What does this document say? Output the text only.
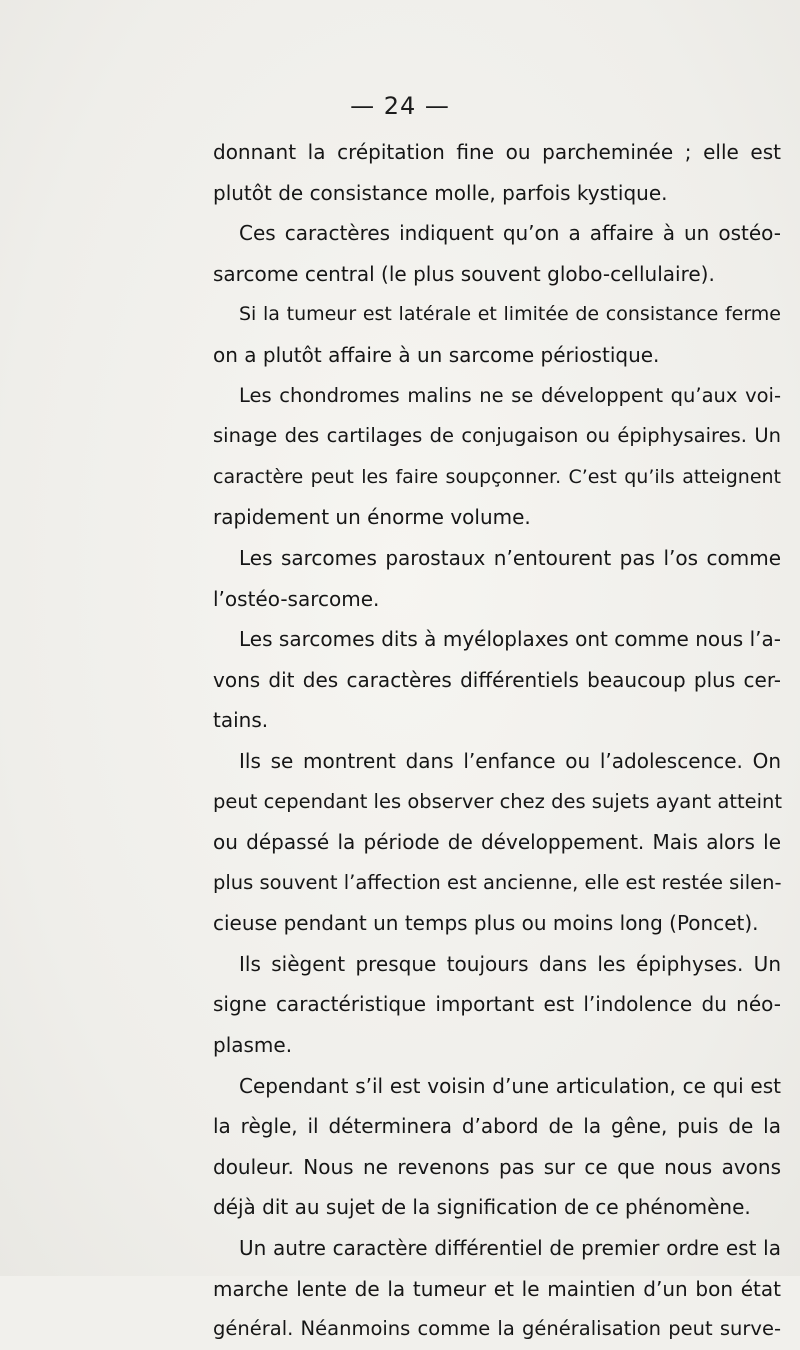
— 24 —
donnant la crépitation fine ou parcheminée ; elle est
plutôt de consistance molle, parfois kystique.
Ces caractères indiquent qu’on a affaire à un ostéo-
sarcome central (le plus souvent globo-cellulaire).
Si la tumeur est latérale et limitée de consistance ferme
on a plutôt affaire à un sarcome périostique.
Les chondromes malins ne se développent qu’aux voi-
sinage des cartilages de conjugaison ou épiphysaires. Un
caractère peut les faire soupçonner. C’est qu’ils atteignent
rapidement un énorme volume.
Les sarcomes parostaux n’entourent pas l’os comme
l’ostéo-sarcome.
Les sarcomes dits à myéloplaxes ont comme nous l’a-
vons dit des caractères différentiels beaucoup plus cer-
tains.
Ils se montrent dans l’enfance ou l’adolescence. On
peut cependant les observer chez des sujets ayant atteint
ou dépassé la période de développement. Mais alors le
plus souvent l’affection est ancienne, elle est restée silen-
cieuse pendant un temps plus ou moins long (Poncet).
Ils siègent presque toujours dans les épiphyses. Un
signe caractéristique important est l’indolence du néo-
plasme.
Cependant s’il est voisin d’une articulation, ce qui est
la règle, il déterminera d’abord de la gêne, puis de la
douleur. Nous ne revenons pas sur ce que nous avons
déjà dit au sujet de la signification de ce phénomène.
Un autre caractère différentiel de premier ordre est la
marche lente de la tumeur et le maintien d’un bon état
général. Néanmoins comme la généralisation peut surve-
